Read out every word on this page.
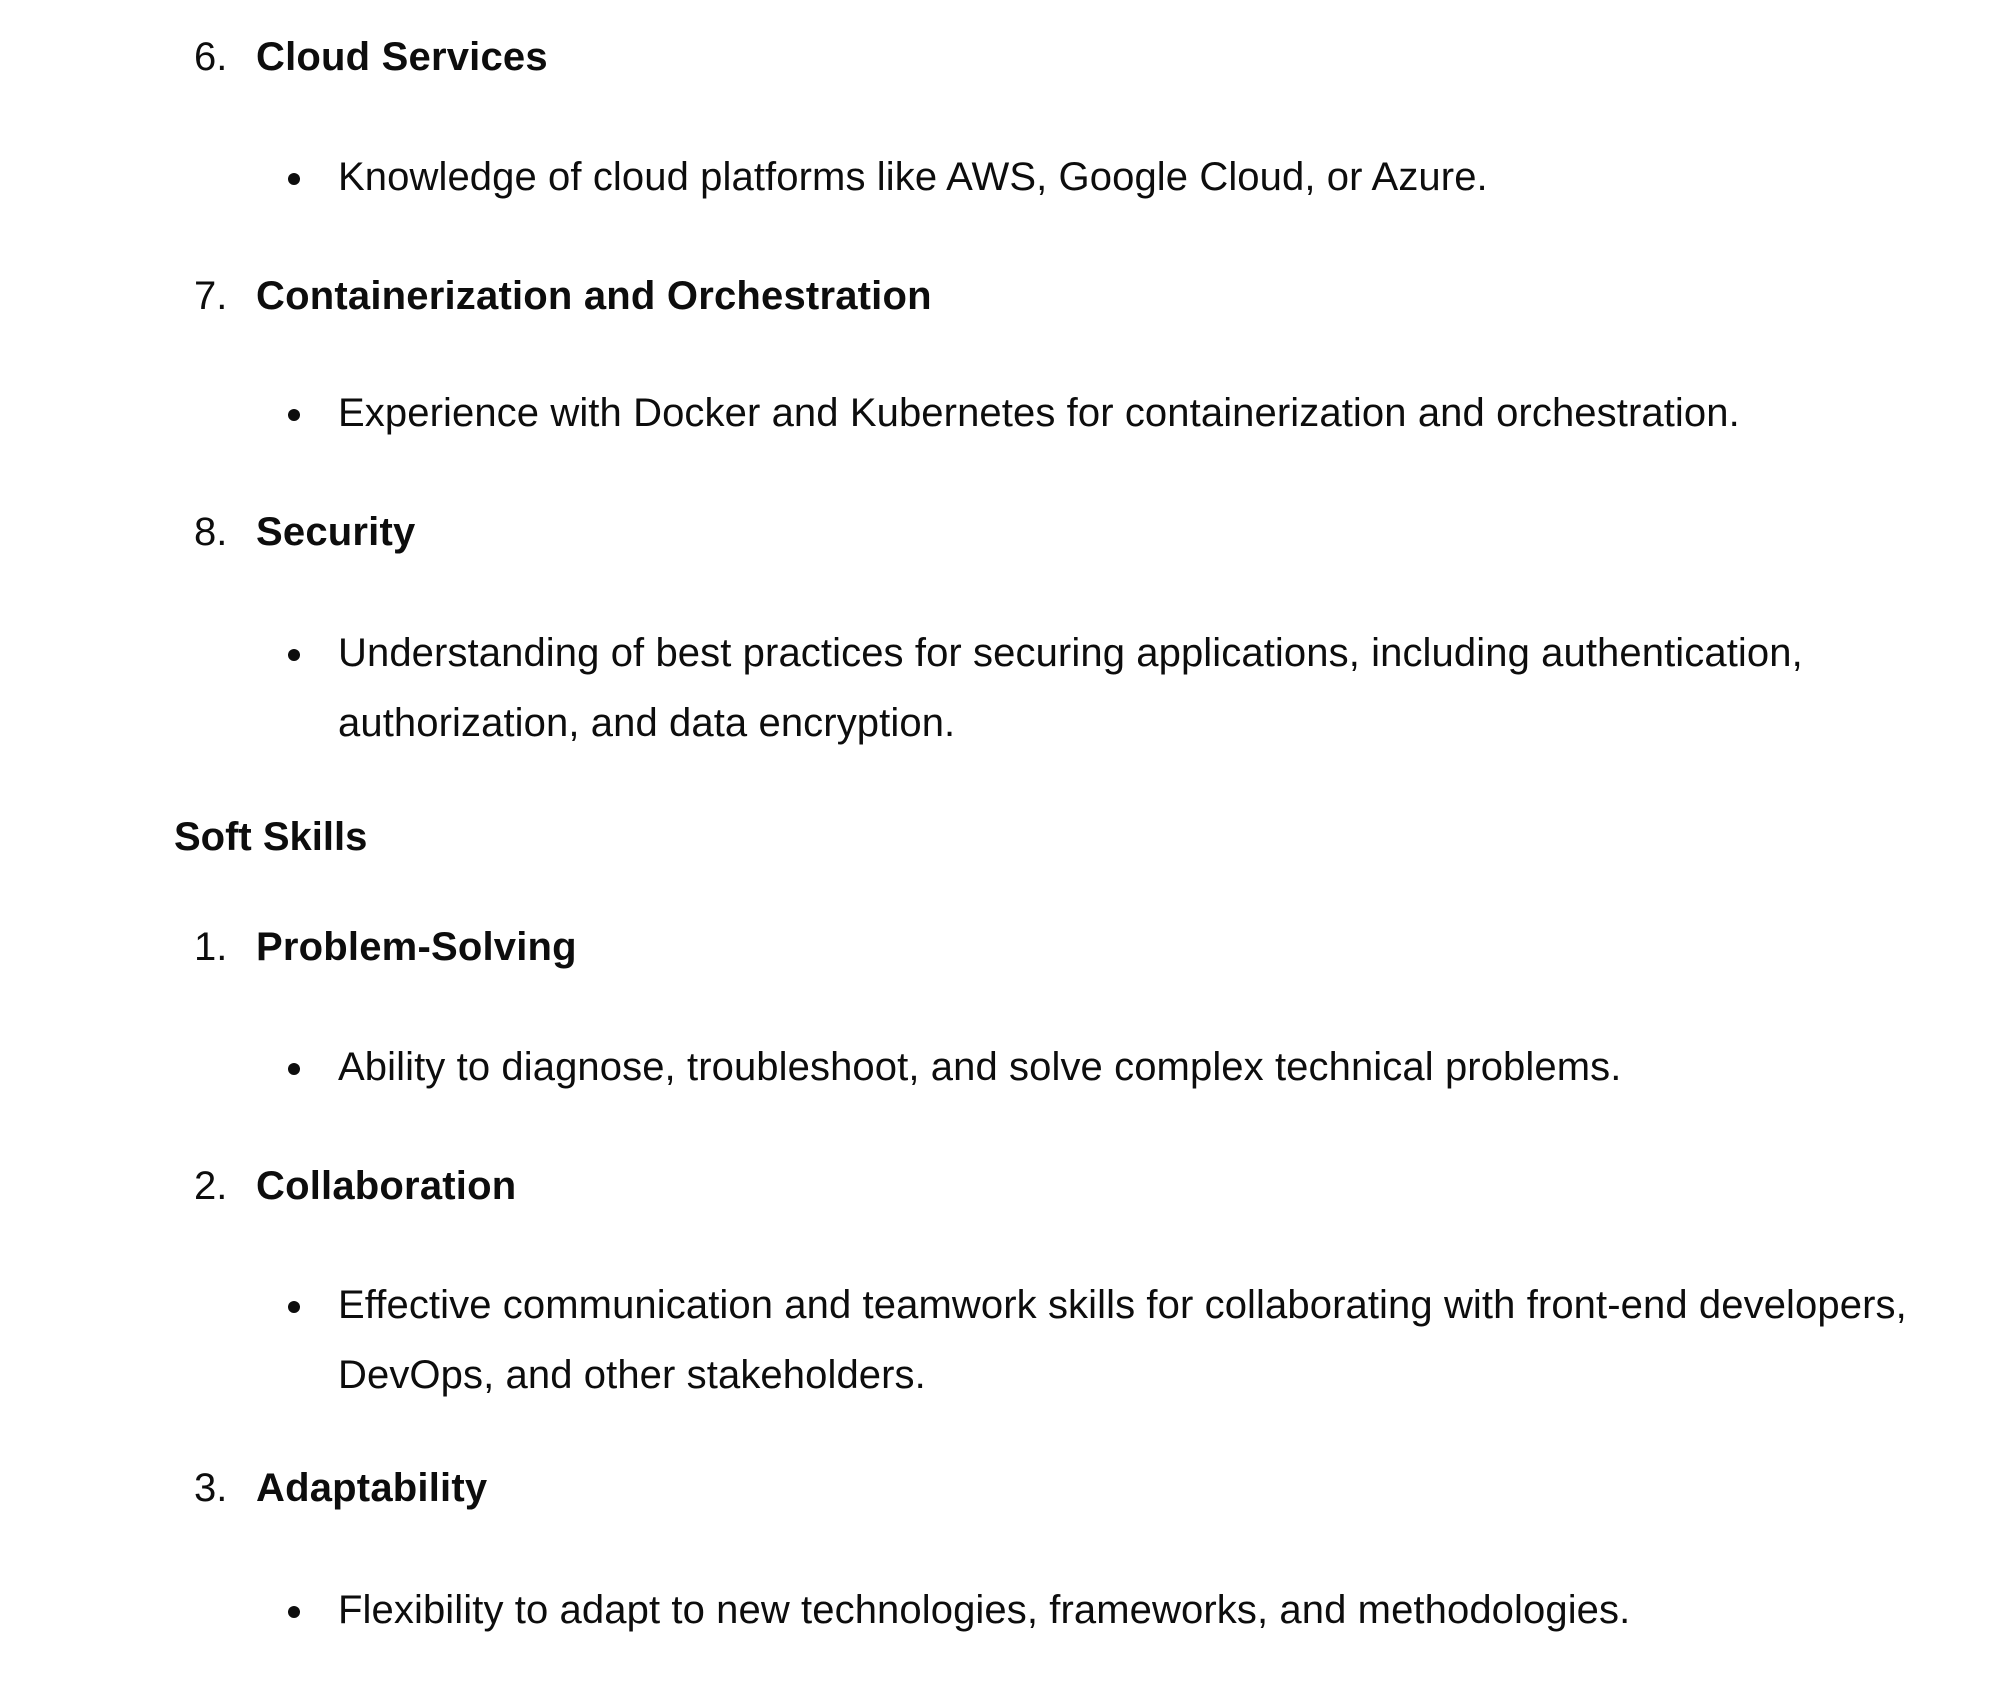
6. Cloud Services
Knowledge of cloud platforms like AWS, Google Cloud, or Azure.
7. Containerization and Orchestration
Experience with Docker and Kubernetes for containerization and orchestration.
8. Security
Understanding of best practices for securing applications, including authentication, authorization, and data encryption.
Soft Skills
1. Problem-Solving
Ability to diagnose, troubleshoot, and solve complex technical problems.
2. Collaboration
Effective communication and teamwork skills for collaborating with front-end developers, DevOps, and other stakeholders.
3. Adaptability
Flexibility to adapt to new technologies, frameworks, and methodologies.
